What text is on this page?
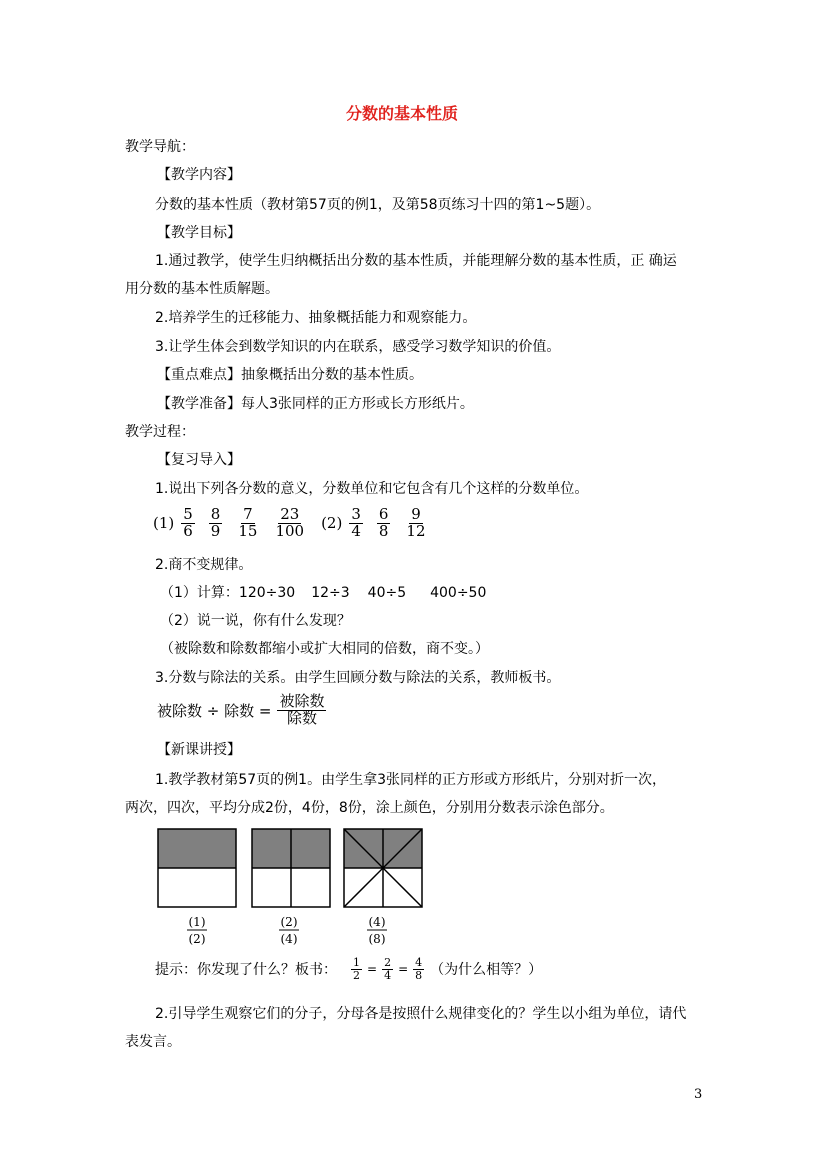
分数的基本性质
教学导航：
【教学内容】
分数的基本性质（教材第57页的例1，及第58页练习十四的第1~5题）。
【教学目标】
1.通过教学，使学生归纳概括出分数的基本性质，并能理解分数的基本性质，正 确运
用分数的基本性质解题。
2.培养学生的迁移能力、抽象概括能力和观察能力。
3.让学生体会到数学知识的内在联系，感受学习数学知识的价值。
【重点难点】抽象概括出分数的基本性质。
【教学准备】每人3张同样的正方形或长方形纸片。
教学过程：
【复习导入】
1.说出下列各分数的意义，分数单位和它包含有几个这样的分数单位。
$(1) \frac{5}{6} \frac{8}{9} \frac{7}{15} \frac{23}{100} (2) \frac{3}{4} \frac{6}{8} \frac{9}{12}$
2.商不变规律。
（1）计算：120÷30 12÷3 40÷5 400÷50
（2）说一说，你有什么发现？
（被除数和除数都缩小或扩大相同的倍数，商不变。）
3.分数与除法的关系。由学生回顾分数与除法的关系，教师板书。
被除数 ÷ 除数 = $\frac{\text{被除数}}{\text{除数}}$
【新课讲授】
1.教学教材第57页的例1。由学生拿3张同样的正方形或方形纸片，分别对折一次，
两次，四次，平均分成2份，4份，8份，涂上颜色，分别用分数表示涂色部分。
(1)
(2)
(2)
(4)
(4)
(8)
提示：你发现了什么？板书： $\frac{1}{2} = \frac{2}{4} = \frac{4}{8}$ （为什么相等？）
2.引导学生观察它们的分子，分母各是按照什么规律变化的？学生以小组为单位，请代
表发言。
3
